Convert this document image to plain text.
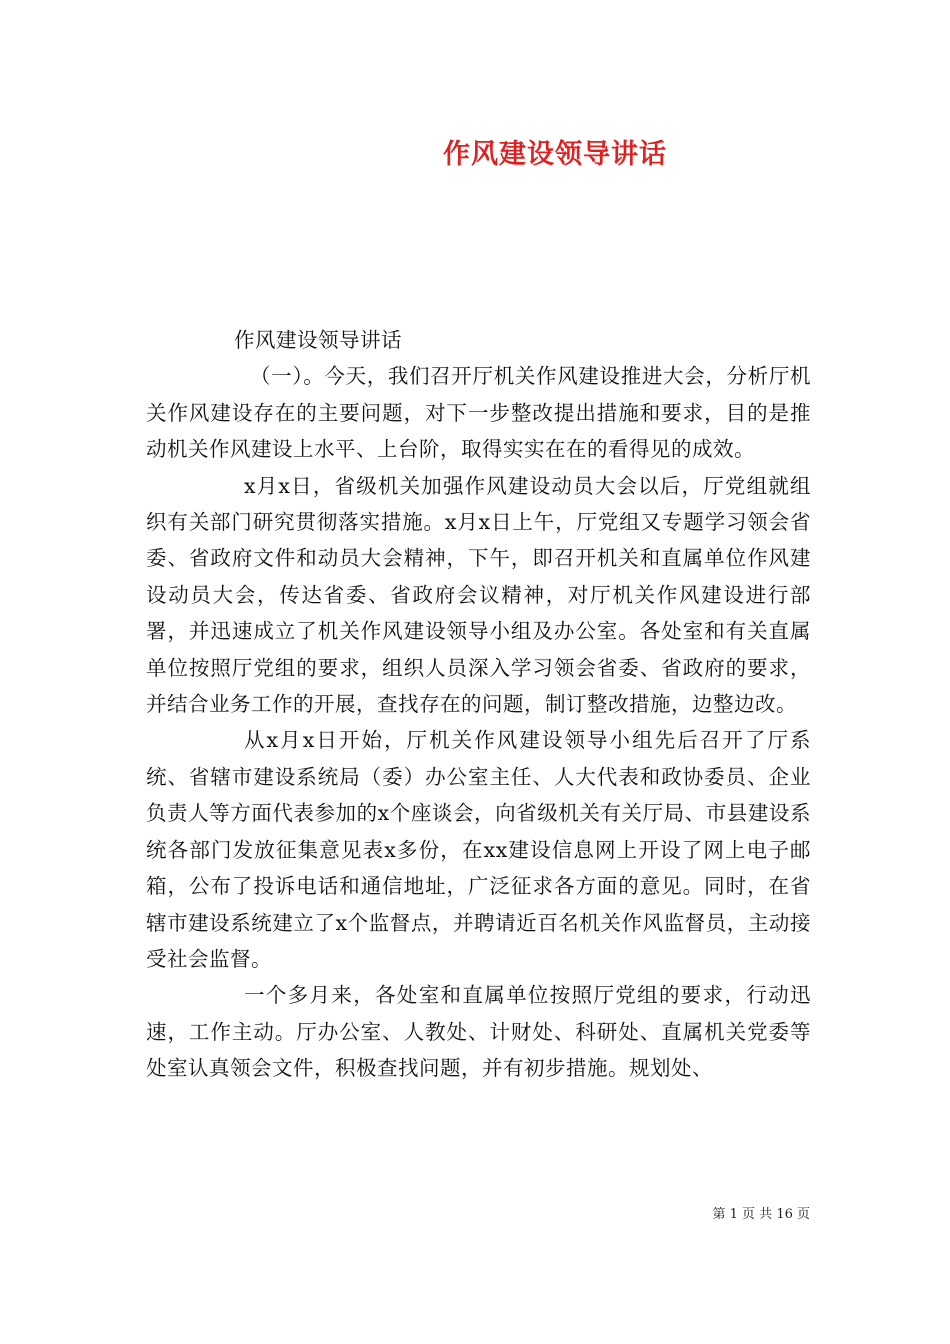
作风建设领导讲话

作风建设领导讲话

（一）。今天，我们召开厅机关作风建设推进大会，分析厅机关作风建设存在的主要问题，对下一步整改提出措施和要求，目的是推动机关作风建设上水平、上台阶，取得实实在在的看得见的成效。

x月x日，省级机关加强作风建设动员大会以后，厅党组就组织有关部门研究贯彻落实措施。x月x日上午，厅党组又专题学习领会省委、省政府文件和动员大会精神，下午，即召开机关和直属单位作风建设动员大会，传达省委、省政府会议精神，对厅机关作风建设进行部署，并迅速成立了机关作风建设领导小组及办公室。各处室和有关直属单位按照厅党组的要求，组织人员深入学习领会省委、省政府的要求，并结合业务工作的开展，查找存在的问题，制订整改措施，边整边改。

从x月x日开始，厅机关作风建设领导小组先后召开了厅系统、省辖市建设系统局（委）办公室主任、人大代表和政协委员、企业负责人等方面代表参加的x个座谈会，向省级机关有关厅局、市县建设系统各部门发放征集意见表x多份，在xx建设信息网上开设了网上电子邮箱，公布了投诉电话和通信地址，广泛征求各方面的意见。同时，在省辖市建设系统建立了x个监督点，并聘请近百名机关作风监督员，主动接受社会监督。

一个多月来，各处室和直属单位按照厅党组的要求，行动迅速，工作主动。厅办公室、人教处、计财处、科研处、直属机关党委等处室认真领会文件，积极查找问题，并有初步措施。规划处、

第 1 页 共 16 页
